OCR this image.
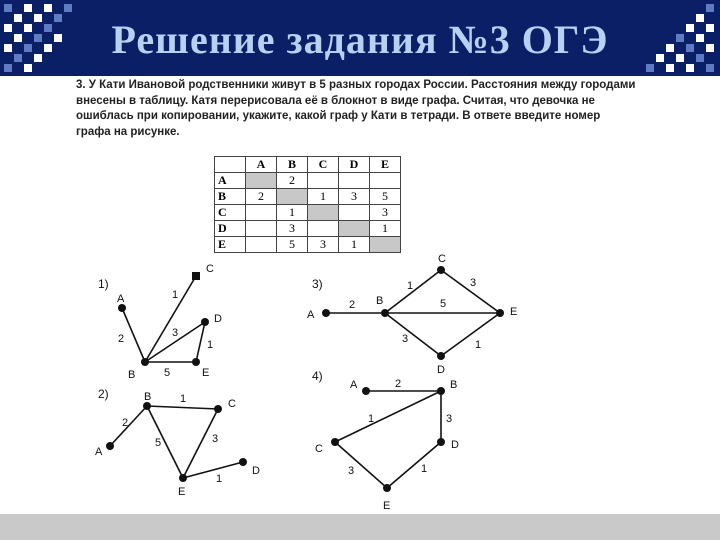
Решение задания №3 ОГЭ

3. У Кати Ивановой родственники живут в 5 разных городах России. Расстояния между городами внесены в таблицу. Катя перерисовала её в блокнот в виде графа. Считая, что девочка не ошиблась при копировании, укажите, какой граф у Кати в тетради. В ответе введите номер графа на рисунке.

	A	B	C	D	E
A		2			
B	2		1	3	5
C		1			3
D		3			1
E		5	3	1	
1)
A
B
C
D
E
2
1
3
1
5
2)
A
B
C
E
D
2
1
5	3
1
3)
A
B
C
E
D
2
1	3
5
3	1
4)
A	B
C	D
E
2
1	3
3	1
